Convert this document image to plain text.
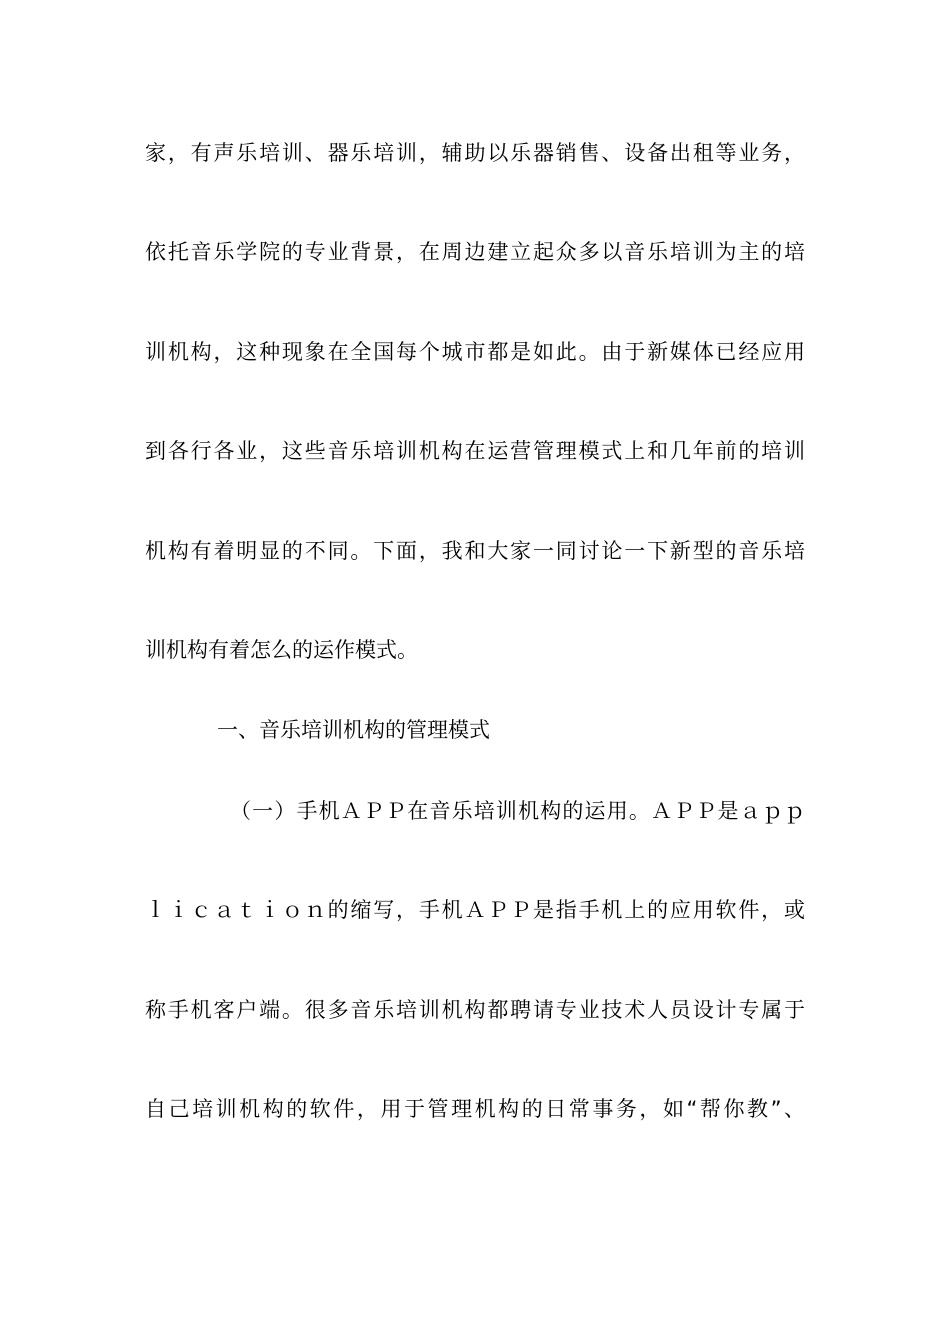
家，有声乐培训、器乐培训，辅助以乐器销售、设备出租等业务，
依托音乐学院的专业背景，在周边建立起众多以音乐培训为主的培
训机构，这种现象在全国每个城市都是如此。由于新媒体已经应用
到各行各业，这些音乐培训机构在运营管理模式上和几年前的培训
机构有着明显的不同。下面，我和大家一同讨论一下新型的音乐培
训机构有着怎么的运作模式。
一、音乐培训机构的管理模式
（一）手机ＡＰＰ在音乐培训机构的运用。ＡＰＰ是ａｐｐ
ｌｉｃａｔｉｏｎ的缩写，手机ＡＰＰ是指手机上的应用软件，或
称手机客户端。很多音乐培训机构都聘请专业技术人员设计专属于
自己培训机构的软件，用于管理机构的日常事务，如“帮你教”、
